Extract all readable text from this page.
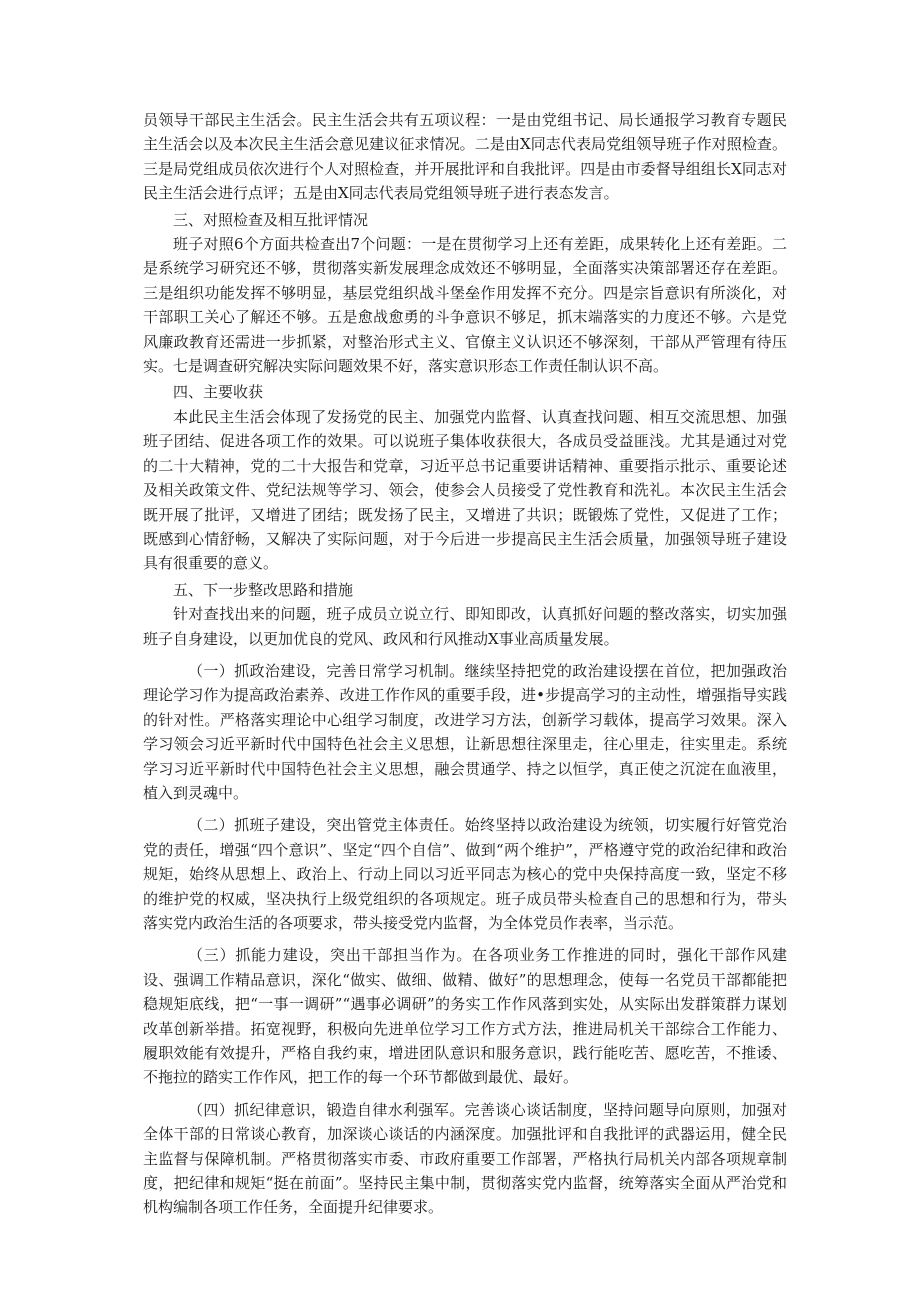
员领导干部民主生活会。民主生活会共有五项议程：一是由党组书记、局长通报学习教育专题民主生活会以及本次民主生活会意见建议征求情况。二是由X同志代表局党组领导班子作对照检查。三是局党组成员依次进行个人对照检查，并开展批评和自我批评。四是由市委督导组组长X同志对民主生活会进行点评；五是由X同志代表局党组领导班子进行表态发言。

三、对照检查及相互批评情况

班子对照6个方面共检查出7个问题：一是在贯彻学习上还有差距，成果转化上还有差距。二是系统学习研究还不够，贯彻落实新发展理念成效还不够明显，全面落实决策部署还存在差距。三是组织功能发挥不够明显，基层党组织战斗堡垒作用发挥不充分。四是宗旨意识有所淡化，对干部职工关心了解还不够。五是愈战愈勇的斗争意识不够足，抓末端落实的力度还不够。六是党风廉政教育还需进一步抓紧，对整治形式主义、官僚主义认识还不够深刻，干部从严管理有待压实。七是调查研究解决实际问题效果不好，落实意识形态工作责任制认识不高。

四、主要收获

本此民主生活会体现了发扬党的民主、加强党内监督、认真查找问题、相互交流思想、加强班子团结、促进各项工作的效果。可以说班子集体收获很大，各成员受益匪浅。尤其是通过对党的二十大精神，党的二十大报告和党章，习近平总书记重要讲话精神、重要指示批示、重要论述及相关政策文件、党纪法规等学习、领会，使参会人员接受了党性教育和洗礼。本次民主生活会既开展了批评，又增进了团结；既发扬了民主，又增进了共识；既锻炼了党性，又促进了工作；既感到心情舒畅，又解决了实际问题，对于今后进一步提高民主生活会质量，加强领导班子建设具有很重要的意义。

五、下一步整改思路和措施

针对查找出来的问题，班子成员立说立行、即知即改，认真抓好问题的整改落实，切实加强班子自身建设，以更加优良的党风、政风和行风推动X事业高质量发展。

（一）抓政治建设，完善日常学习机制。继续坚持把党的政治建设摆在首位，把加强政治理论学习作为提高政治素养、改进工作作风的重要手段，进•步提高学习的主动性，增强指导实践的针对性。严格落实理论中心组学习制度，改进学习方法，创新学习载体，提高学习效果。深入学习领会习近平新时代中国特色社会主义思想，让新思想往深里走，往心里走，往实里走。系统学习习近平新时代中国特色社会主义思想，融会贯通学、持之以恒学，真正使之沉淀在血液里，植入到灵魂中。

（二）抓班子建设，突出管党主体责任。始终坚持以政治建设为统领，切实履行好管党治党的责任，增强“四个意识”、坚定“四个自信”、做到“两个维护”，严格遵守党的政治纪律和政治规矩，始终从思想上、政治上、行动上同以习近平同志为核心的党中央保持高度一致，坚定不移的维护党的权威，坚决执行上级党组织的各项规定。班子成员带头检查自己的思想和行为，带头落实党内政治生活的各项要求，带头接受党内监督，为全体党员作表率，当示范。

（三）抓能力建设，突出干部担当作为。在各项业务工作推进的同时，强化干部作风建设、强调工作精品意识，深化“做实、做细、做精、做好”的思想理念，使每一名党员干部都能把稳规矩底线，把“一事一调研”“遇事必调研”的务实工作作风落到实处，从实际出发群策群力谋划改革创新举措。拓宽视野，积极向先进单位学习工作方式方法，推进局机关干部综合工作能力、履职效能有效提升，严格自我约束，增进团队意识和服务意识，践行能吃苦、愿吃苦，不推诿、不拖拉的踏实工作作风，把工作的每一个环节都做到最优、最好。

（四）抓纪律意识，锻造自律水利强军。完善谈心谈话制度，坚持问题导向原则，加强对全体干部的日常谈心教育，加深谈心谈话的内涵深度。加强批评和自我批评的武器运用，健全民主监督与保障机制。严格贯彻落实市委、市政府重要工作部署，严格执行局机关内部各项规章制度，把纪律和规矩“挺在前面”。坚持民主集中制，贯彻落实党内监督，统筹落实全面从严治党和机构编制各项工作任务，全面提升纪律要求。
